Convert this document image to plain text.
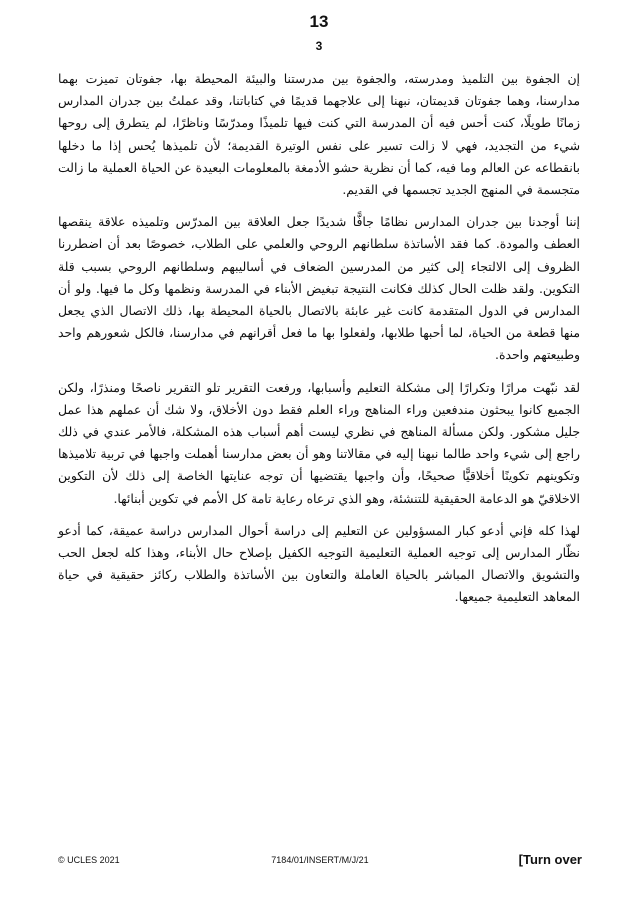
13
3

إن الجفوة بين التلميذ ومدرسته، والجفوة بين مدرستنا والبيئة المحيطة بها، جفوتان تميزت بهما مدارسنا، وهما جفوتان قديمتان، نبهنا إلى علاجهما قديمًا في كتاباتنا، وقد عملتُ بين جدران المدارس زمانًا طويلًا، كنت أحس فيه أن المدرسة التي كنت فيها تلميذًا ومدرّسًا وناظرًا، لم يتطرق إلى روحها شيء من التجديد، فهي لا زالت تسير على نفس الوتيرة القديمة؛ لأن تلميذها يُحس إذا ما دخلها بانقطاعه عن العالم وما فيه، كما أن نظرية حشو الأدمغة بالمعلومات البعيدة عن الحياة العملية ما زالت متجسمة في المنهج الجديد تجسمها في القديم.

إننا أوجدنا بين جدران المدارس نظامًا جافًّا شديدًا جعل العلاقة بين المدرّس وتلميذه علاقة ينقصها العطف والمودة. كما فقد الأساتذة سلطانهم الروحي والعلمي على الطلاب، خصوصًا بعد أن اضطررنا الظروف إلى الالتجاء إلى كثير من المدرسين الضعاف في أساليبهم وسلطانهم الروحي بسبب قلة التكوين. ولقد ظلت الحال كذلك فكانت النتيجة تبغيض الأبناء في المدرسة ونظمها وكل ما فيها. ولو أن المدارس في الدول المتقدمة كانت غير عابئة بالاتصال بالحياة المحيطة بها، ذلك الاتصال الذي يجعل منها قطعة من الحياة، لما أحبها طلابها، ولفعلوا بها ما فعل أقرانهم في مدارسنا، فالكل شعورهم واحد وطبيعتهم واحدة.

لقد نبّهت مرارًا وتكرارًا إلى مشكلة التعليم وأسبابها، ورفعت التقرير تلو التقرير ناصحًا ومنذرًا، ولكن الجميع كانوا يبحثون مندفعين وراء المناهج وراء العلم فقط دون الأخلاق، ولا شك أن عملهم هذا عمل جليل مشكور. ولكن مسألة المناهج في نظري ليست أهم أسباب هذه المشكلة، فالأمر عندي في ذلك راجع إلى شيء واحد طالما نبهنا إليه في مقالاتنا وهو أن بعض مدارسنا أهملت واجبها في تربية تلاميذها وتكوينهم تكوينًا أخلاقيًّا صحيحًا، وأن واجبها يقتضيها أن توجه عنايتها الخاصة إلى ذلك لأن التكوين الاخلاقيّ هو الدعامة الحقيقية للتنشئة، وهو الذي ترعاه رعاية تامة كل الأمم في تكوين أبنائها.

لهذا كله فإني أدعو كبار المسؤولين عن التعليم إلى دراسة أحوال المدارس دراسة عميقة، كما أدعو نظّار المدارس إلى توجيه العملية التعليمية التوجيه الكفيل بإصلاح حال الأبناء، وهذا كله لجعل الحب والتشويق والاتصال المباشر بالحياة العاملة والتعاون بين الأساتذة والطلاب ركائز حقيقية في حياة المعاهد التعليمية جميعها.

© UCLES 2021	7184/01/INSERT/M/J/21	[Turn over
